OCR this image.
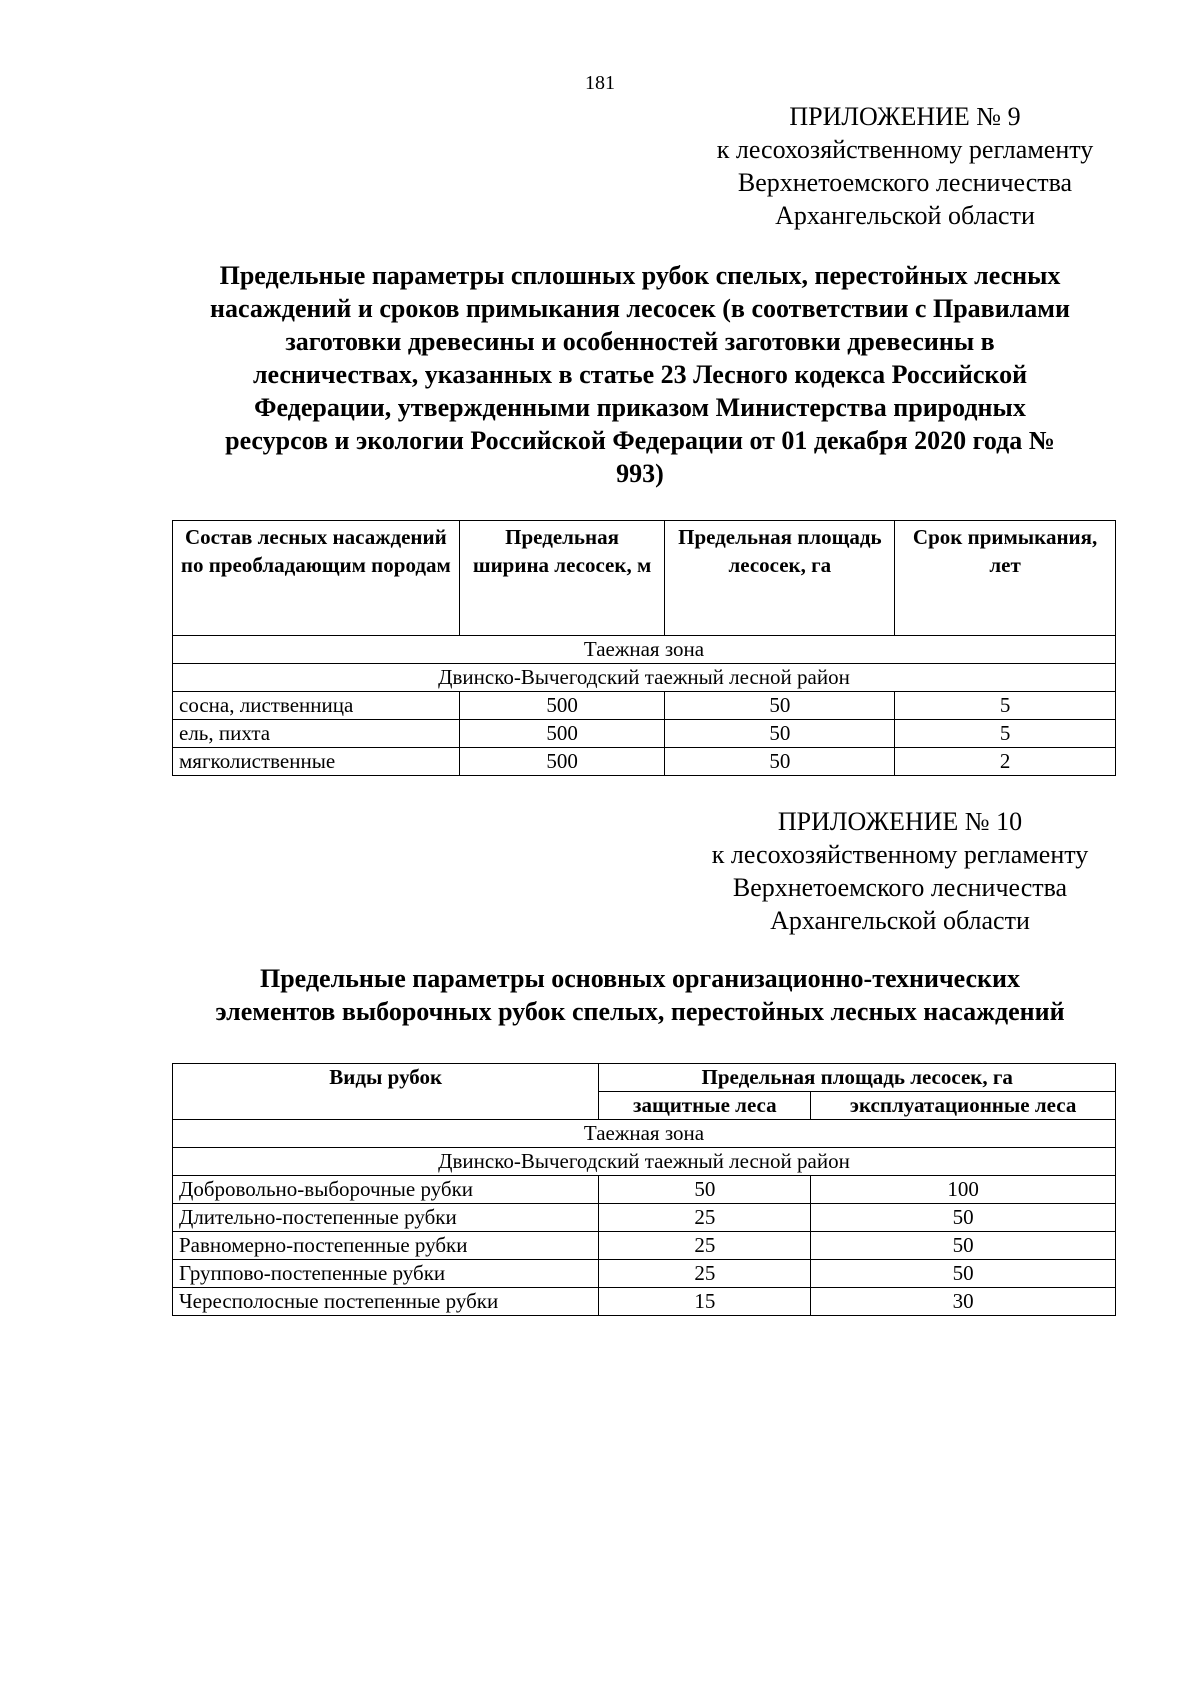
181
ПРИЛОЖЕНИЕ № 9
к лесохозяйственному регламенту
Верхнетоемского лесничества
Архангельской области
Предельные параметры сплошных рубок спелых, перестойных лесных
насаждений и сроков примыкания лесосек (в соответствии с Правилами
заготовки древесины и особенностей заготовки древесины в
лесничествах, указанных в статье 23 Лесного кодекса Российской
Федерации, утвержденными приказом Министерства природных
ресурсов и экологии Российской Федерации от 01 декабря 2020 года №
993)
Состав лесных насаждений по преобладающим породам	Предельная ширина лесосек, м	Предельная площадь лесосек, га	Срок примыкания, лет
Таежная зона			
Двинско-Вычегодский таежный лесной район			
сосна, лиственница	500	50	5
ель, пихта	500	50	5
мягколиственные	500	50	2
ПРИЛОЖЕНИЕ № 10
к лесохозяйственному регламенту
Верхнетоемского лесничества
Архангельской области
Предельные параметры основных организационно-технических
элементов выборочных рубок спелых, перестойных лесных насаждений
Виды рубок	Предельная площадь лесосек, га	
	защитные леса	эксплуатационные леса
Таежная зона		
Двинско-Вычегодский таежный лесной район		
Добровольно-выборочные рубки	50	100
Длительно-постепенные рубки	25	50
Равномерно-постепенные рубки	25	50
Группово-постепенные рубки	25	50
Чересполосные постепенные рубки	15	30
